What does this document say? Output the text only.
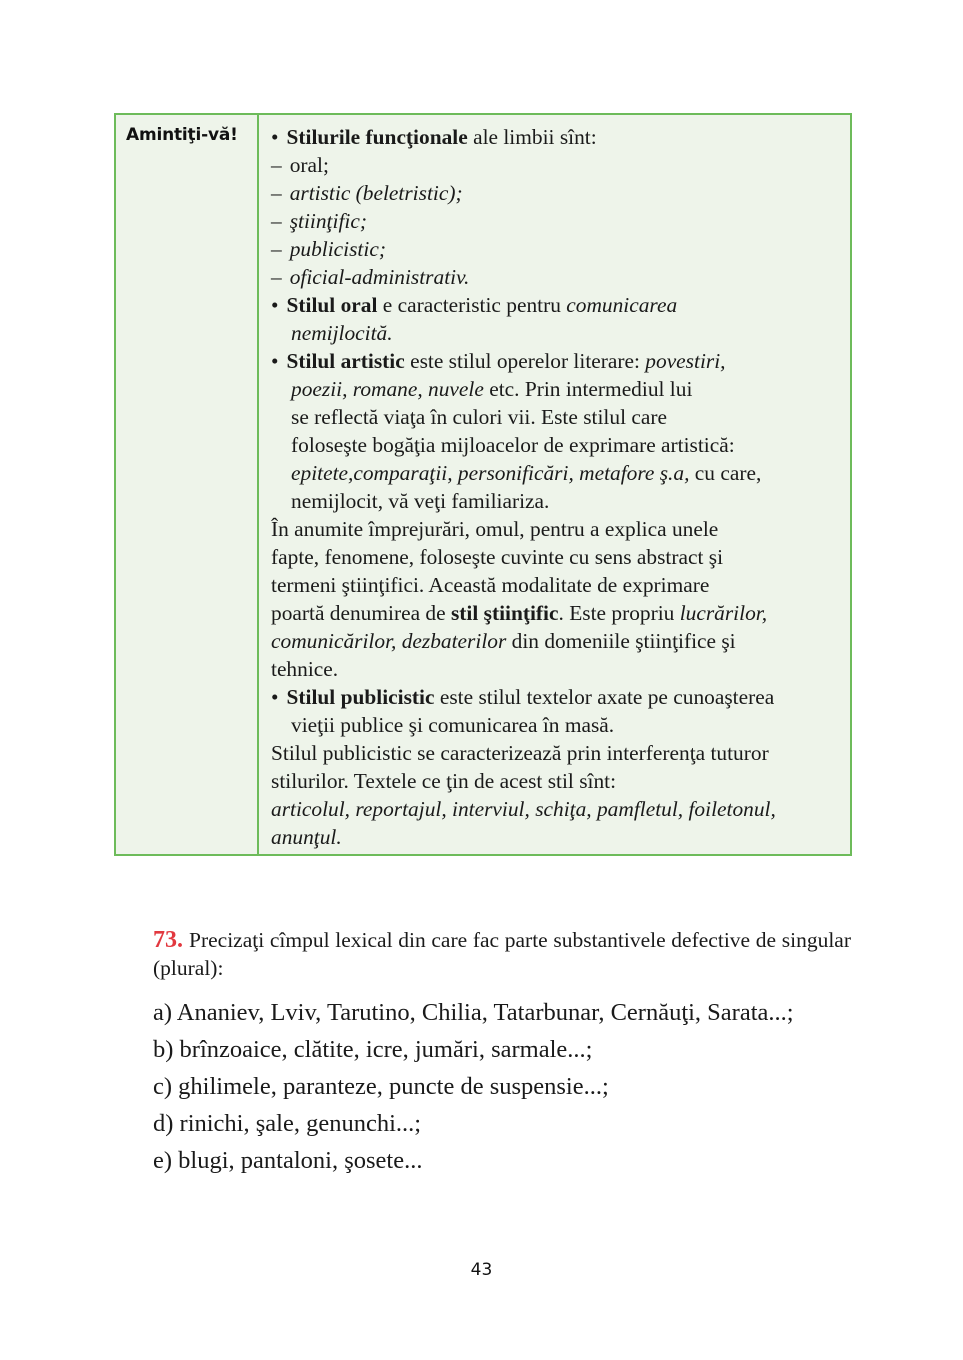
Amintiţi-vă!	• Stilurile funcţionale ale limbii sînt:
– oral;
– artistic (beletristic);
– ştiinţific;
– publicistic;
– oficial-administrativ.
• Stilul oral e caracteristic pentru comunicarea
nemijlocită.
• Stilul artistic este stilul operelor literare: povestiri,
poezii, romane, nuvele etc. Prin intermediul lui
se reflectă viaţa în culori vii. Este stilul care
foloseşte bogăţia mijloacelor de exprimare artistică:
epitete,comparaţii, personificări, metafore ş.a, cu care,
nemijlocit, vă veţi familiariza.
În anumite împrejurări, omul, pentru a explica unele
fapte, fenomene, foloseşte cuvinte cu sens abstract şi
termeni ştiinţifici. Această modalitate de exprimare
poartă denumirea de stil ştiinţific. Este propriu lucrărilor,
comunicărilor, dezbaterilor din domeniile ştiinţifice şi
tehnice.
• Stilul publicistic este stilul textelor axate pe cunoaşterea
vieţii publice şi comunicarea în masă.
Stilul publicistic se caracterizează prin interferenţa tuturor
stilurilor. Textele ce ţin de acest stil sînt:
articolul, reportajul, interviul, schiţa, pamfletul, foiletonul,
anunţul.
73. Precizaţi cîmpul lexical din care fac parte substantivele defective de singular (plural):
a) Ananiev, Lviv, Tarutino, Chilia, Tatarbunar, Cernăuţi, Sarata...;
b) brînzoaice, clătite, icre, jumări, sarmale...;
c) ghilimele, paranteze, puncte de suspensie...;
d) rinichi, şale, genunchi...;
e) blugi, pantaloni, şosete...
43
